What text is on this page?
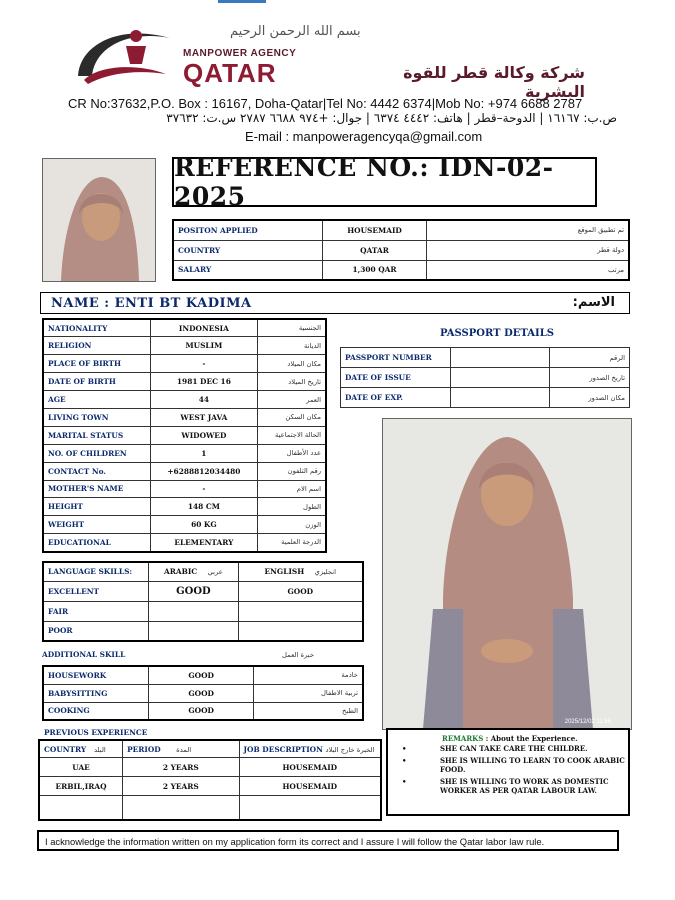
بسم الله الرحمن الرحيم
MANPOWER AGENCY
QATAR	شركة وكالة قطر للقوة البشرية
CR No:37632,P.O. Box : 16167, Doha-Qatar|Tel No: 4442 6374|Mob No: +974 6688 2787
ص.ب: ١٦١٦٧ | الدوحة–قطر | هاتف: ٤٤٤٢ ٦٣٧٤ | جوال: +٩٧٤ ٦٦٨٨ ٢٧٨٧ س.ت: ٣٧٦٣٢
E-mail : manpoweragencyqa@gmail.com
REFERENCE NO.: IDN-02-2025
POSITON APPLIED	HOUSEMAID	تم تطبيق الموقع
COUNTRY	QATAR	دولة قطر
SALARY	1,300 QAR	مرتب
NAME : ENTI BT KADIMA	:الاسم
NATIONALITY	INDONESIA	الجنسية
RELIGION	MUSLIM	الديانة
PLACE OF BIRTH	-	مكان الميلاد
DATE OF BIRTH	1981 DEC 16	تاريخ الميلاد
AGE	44	العمر
LIVING TOWN	WEST JAVA	مكان السكن
MARITAL STATUS	WIDOWED	الحالة الاجتماعية
NO. OF CHILDREN	1	عدد الأطفال
CONTACT No.	+6288812034480	رقم التلفون
MOTHER'S NAME	-	اسم الام
HEIGHT	148 CM	الطول
WEIGHT	60 KG	الوزن
EDUCATIONAL	ELEMENTARY	الدرجة العلمية
PASSPORT DETAILS
PASSPORT NUMBER		الرقم
DATE OF ISSUE		تاريخ الصدور
DATE OF EXP.		مكان الصدور
2025/12/02 11:56
LANGUAGE SKILLS:	ARABIC عربي	ENGLISH انجليزي
EXCELLENT	GOOD	GOOD
FAIR		
POOR		
ADDITIONAL SKILL	خبرة العمل
HOUSEWORK	GOOD	خادمة
BABYSITTING	GOOD	تربية الاطفال
COOKING	GOOD	الطبخ
PREVIOUS EXPERIENCE
COUNTRY البلد	PERIOD المدة	JOB DESCRIPTION الخبرة خارج البلاد
UAE	2 YEARS	HOUSEMAID
ERBIL,IRAQ	2 YEARS	HOUSEMAID

REMARKS : About the Experience.
•	SHE CAN TAKE CARE THE CHILDRE.
•	SHE IS WILLING TO LEARN TO COOK ARABIC FOOD.
•	SHE IS WILLING TO WORK AS DOMESTIC WORKER AS PER QATAR LABOUR LAW.
I acknowledge the information written on my application form its correct and I assure I will follow the Qatar labor law rule.
